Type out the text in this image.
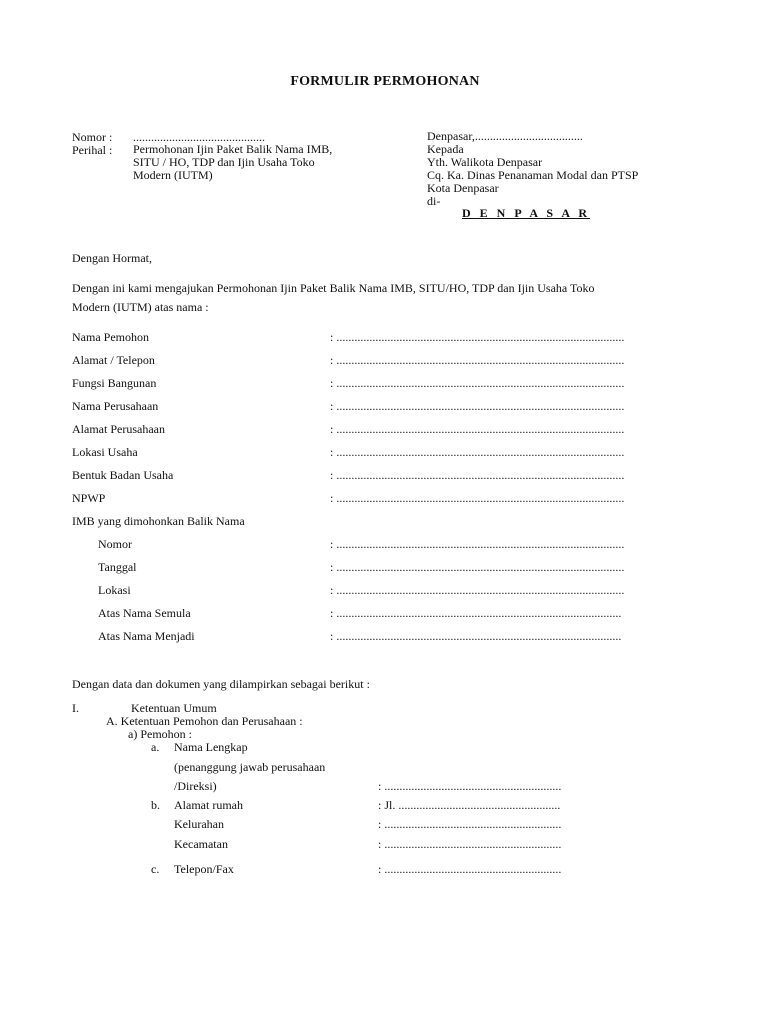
FORMULIR PERMOHONAN
Nomor : ............................................
Perihal : Permohonan Ijin Paket Balik Nama IMB,
SITU / HO, TDP dan Ijin Usaha Toko
Modern (IUTM)
Denpasar,....................................
Kepada
Yth. Walikota Denpasar
Cq. Ka. Dinas Penanaman Modal dan PTSP
Kota Denpasar
di-
D E N P A S A R
Dengan Hormat,
Dengan ini kami mengajukan Permohonan Ijin Paket Balik Nama IMB, SITU/HO, TDP dan Ijin Usaha Toko
Modern (IUTM) atas nama :
Nama Pemohon	: ................................................................................................
Alamat / Telepon	: ................................................................................................
Fungsi Bangunan	: ................................................................................................
Nama Perusahaan	: ................................................................................................
Alamat Perusahaan	: ................................................................................................
Lokasi Usaha	: ................................................................................................
Bentuk Badan Usaha	: ................................................................................................
NPWP	: ................................................................................................
IMB yang dimohonkan Balik Nama
Nomor	: ................................................................................................
Tanggal	: ................................................................................................
Lokasi	: ................................................................................................
Atas Nama Semula	: ...............................................................................................
Atas Nama Menjadi	: ...............................................................................................
Dengan data dan dokumen yang dilampirkan sebagai berikut :
I.	Ketentuan Umum
A. Ketentuan Pemohon dan Perusahaan :
a) Pemohon :
a. Nama Lengkap
(penanggung jawab perusahaan
/Direksi)	: ...........................................................
b. Alamat rumah	: Jl. ......................................................
Kelurahan	: ...........................................................
Kecamatan	: ...........................................................
c. Telepon/Fax	: ...........................................................
